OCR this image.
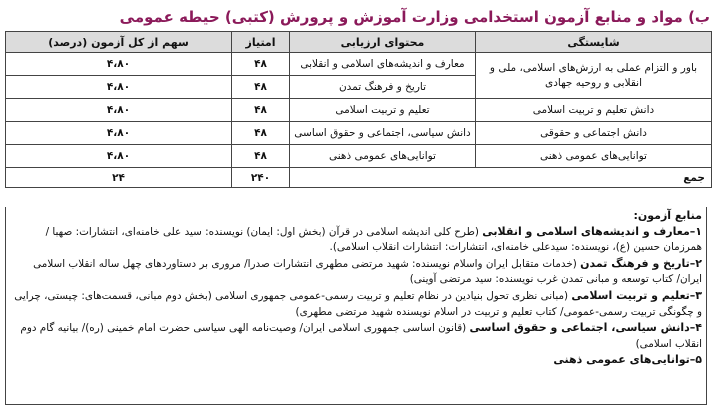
ب) مواد و منابع آزمون استخدامی وزارت آموزش و پرورش (کتبی) حیطه عمومی
شایستگی	محتوای ارزیابی	امتیاز	سهم از کل آزمون (درصد)
باور و التزام عملی به ارزش‌های اسلامی، ملی و انقلابی و روحیه جهادی	معارف و اندیشه‌های اسلامی و انقلابی	۴۸	۴،۸۰
	تاریخ و فرهنگ تمدن	۴۸	۴،۸۰
دانش تعلیم و تربیت اسلامی	تعلیم و تربیت اسلامی	۴۸	۴،۸۰
دانش اجتماعی و حقوقی	دانش سیاسی، اجتماعی و حقوق اساسی	۴۸	۴،۸۰
توانایی‌های عمومی ذهنی	توانایی‌های عمومی ذهنی	۴۸	۴،۸۰
جمع		۲۴۰	۲۴
منابع آزمون:

۱–معارف و اندیشه‌های اسلامی و انقلابی (طرح کلی اندیشه اسلامی در قرآن (بخش اول: ایمان) نویسنده: سید علی خامنه‌ای، انتشارات: صهبا / همرزمان حسین (ع)، نویسنده: سیدعلی خامنه‌ای، انتشارات: انتشارات انقلاب اسلامی).

۲–تاریخ و فرهنگ تمدن (خدمات متقابل ایران واسلام نویسنده: شهید مرتضی مطهری انتشارات صدرا/ مروری بر دستاوردهای چهل ساله انقلاب اسلامی ایران/ کتاب توسعه و مبانی تمدن غرب نویسنده: سید مرتضی آوینی)

۳–تعلیم و تربیت اسلامی (مبانی نظری تحول بنیادین در نظام تعلیم و تربیت رسمی-عمومی جمهوری اسلامی (بخش دوم مبانی، قسمت‌های: چیستی، چرایی و چگونگی تربیت رسمی-عمومی/ کتاب تعلیم و تربیت در اسلام نویسنده شهید مرتضی مطهری)

۴–دانش سیاسی، اجتماعی و حقوق اساسی (قانون اساسی جمهوری اسلامی ایران/ وصیت‌نامه الهی سیاسی حضرت امام خمینی (ره)/ بیانیه گام دوم انقلاب اسلامی)

۵–توانایی‌های عمومی ذهنی
